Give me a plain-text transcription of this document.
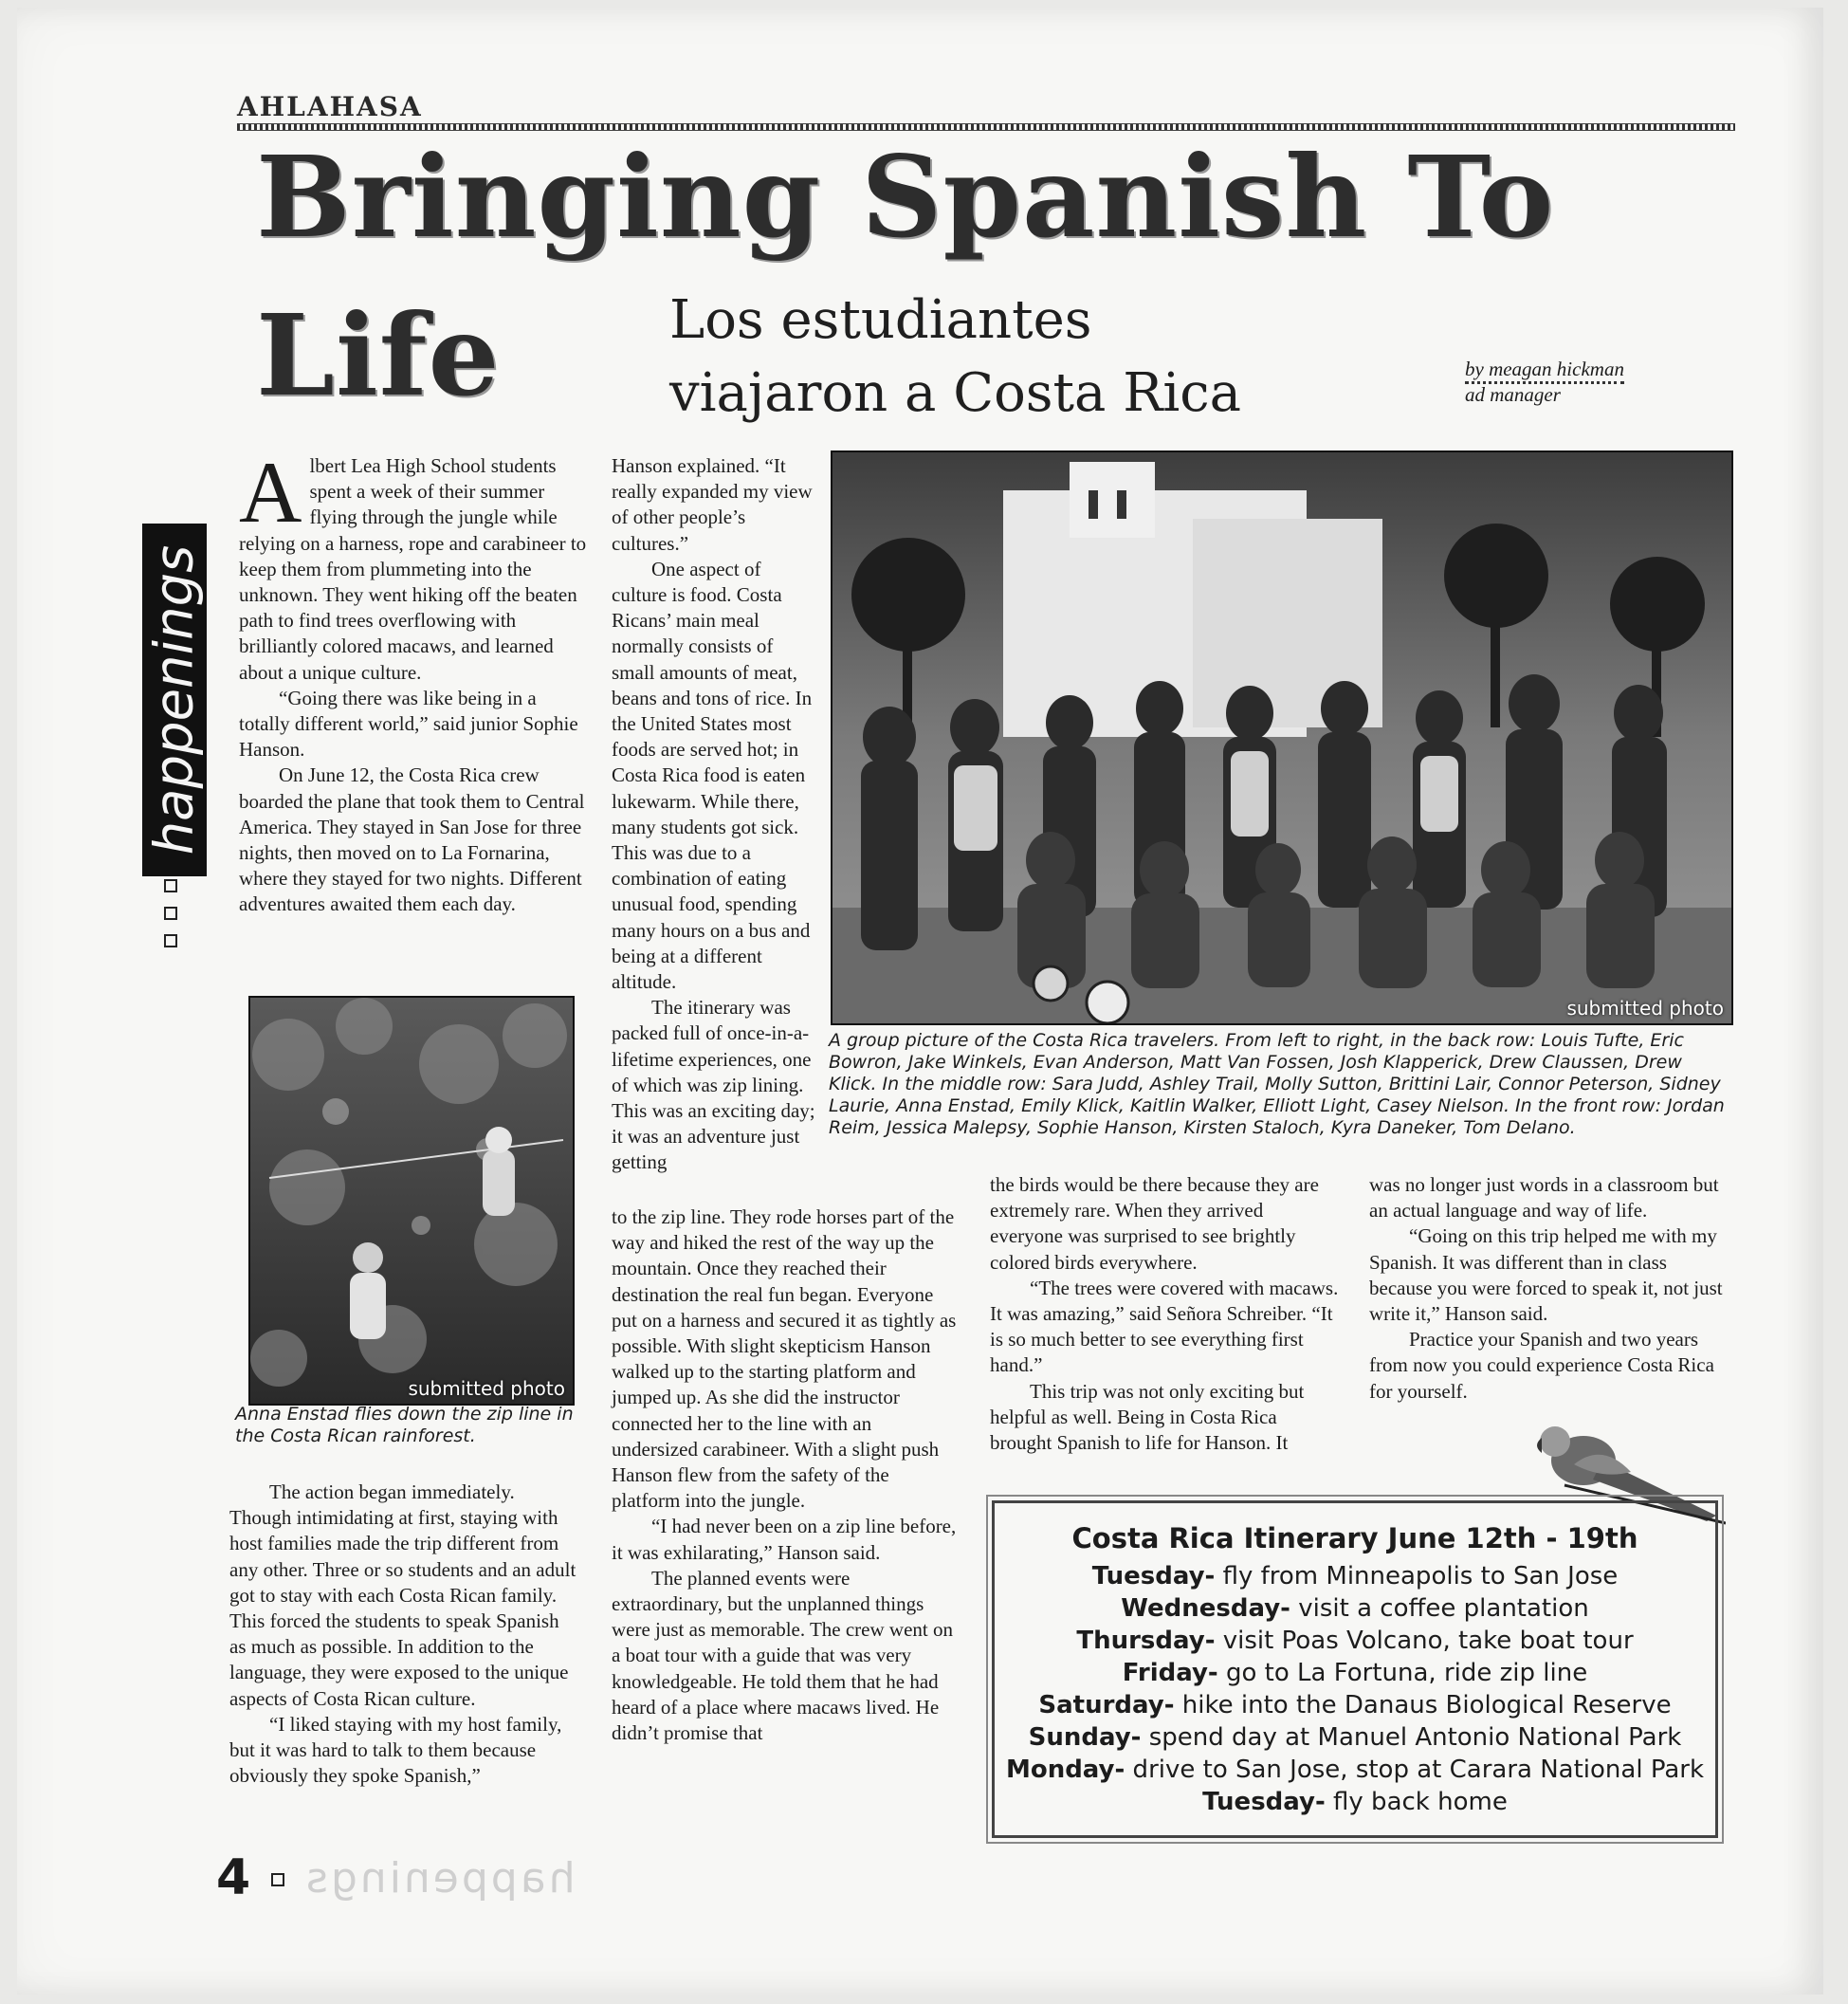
AHLAHASA
Bringing Spanish To
Life	Los estudiantes
viajaron a Costa Rica	by meagan hickman
ad manager
happenings

Albert Lea High School students spent a week of their summer flying through the jungle while relying on a harness, rope and carabineer to keep them from plummeting into the unknown. They went hiking off the beaten path to find trees overflowing with brilliantly colored macaws, and learned about a unique culture.

“Going there was like being in a totally different world,” said junior Sophie Hanson.

On June 12, the Costa Rica crew boarded the plane that took them to Central America. They stayed in San Jose for three nights, then moved on to La Fornarina, where they stayed for two nights. Different adventures awaited them each day.

submitted photo
Anna Enstad flies down the zip line in the Costa Rican rainforest.

The action began immediately. Though intimidating at first, staying with host families made the trip different from any other. Three or so students and an adult got to stay with each Costa Rican family. This forced the students to speak Spanish as much as possible. In addition to the language, they were exposed to the unique aspects of Costa Rican culture.

“I liked staying with my host family, but it was hard to talk to them because obviously they spoke Spanish,”

Hanson explained. “It really expanded my view of other people’s cultures.”

One aspect of culture is food. Costa Ricans’ main meal normally consists of small amounts of meat, beans and tons of rice. In the United States most foods are served hot; in Costa Rica food is eaten lukewarm. While there, many students got sick. This was due to a combination of eating unusual food, spending many hours on a bus and being at a different altitude.

The itinerary was packed full of once-in-a-lifetime experiences, one of which was zip lining. This was an exciting day; it was an adventure just getting

to the zip line. They rode horses part of the way and hiked the rest of the way up the mountain. Once they reached their destination the real fun began. Everyone put on a harness and secured it as tightly as possible. With slight skepticism Hanson walked up to the starting platform and jumped up. As she did the instructor connected her to the line with an undersized carabineer. With a slight push Hanson flew from the safety of the platform into the jungle.

“I had never been on a zip line before, it was exhilarating,” Hanson said.

The planned events were extraordinary, but the unplanned things were just as memorable. The crew went on a boat tour with a guide that was very knowledgeable. He told them that he had heard of a place where macaws lived. He didn’t promise that

submitted photo
A group picture of the Costa Rica travelers. From left to right, in the back row: Louis Tufte, Eric Bowron, Jake Winkels, Evan Anderson, Matt Van Fossen, Josh Klapperick, Drew Claussen, Drew Klick. In the middle row: Sara Judd, Ashley Trail, Molly Sutton, Brittini Lair, Connor Peterson, Sidney Laurie, Anna Enstad, Emily Klick, Kaitlin Walker, Elliott Light, Casey Nielson. In the front row: Jordan Reim, Jessica Malepsy, Sophie Hanson, Kirsten Staloch, Kyra Daneker, Tom Delano.

the birds would be there because they are extremely rare. When they arrived everyone was surprised to see brightly colored birds everywhere.

“The trees were covered with macaws. It was amazing,” said Señora Schreiber. “It is so much better to see everything first hand.”

This trip was not only exciting but helpful as well. Being in Costa Rica brought Spanish to life for Hanson. It

was no longer just words in a classroom but an actual language and way of life.

“Going on this trip helped me with my Spanish. It was different than in class because you were forced to speak it, not just write it,” Hanson said.

Practice your Spanish and two years from now you could experience Costa Rica for yourself.

Costa Rica Itinerary June 12th - 19th
Tuesday- fly from Minneapolis to San Jose
Wednesday- visit a coffee plantation
Thursday- visit Poas Volcano, take boat tour
Friday- go to La Fortuna, ride zip line
Saturday- hike into the Danaus Biological Reserve
Sunday- spend day at Manuel Antonio National Park
Monday- drive to San Jose, stop at Carara National Park
Tuesday- fly back home
4 happenings
